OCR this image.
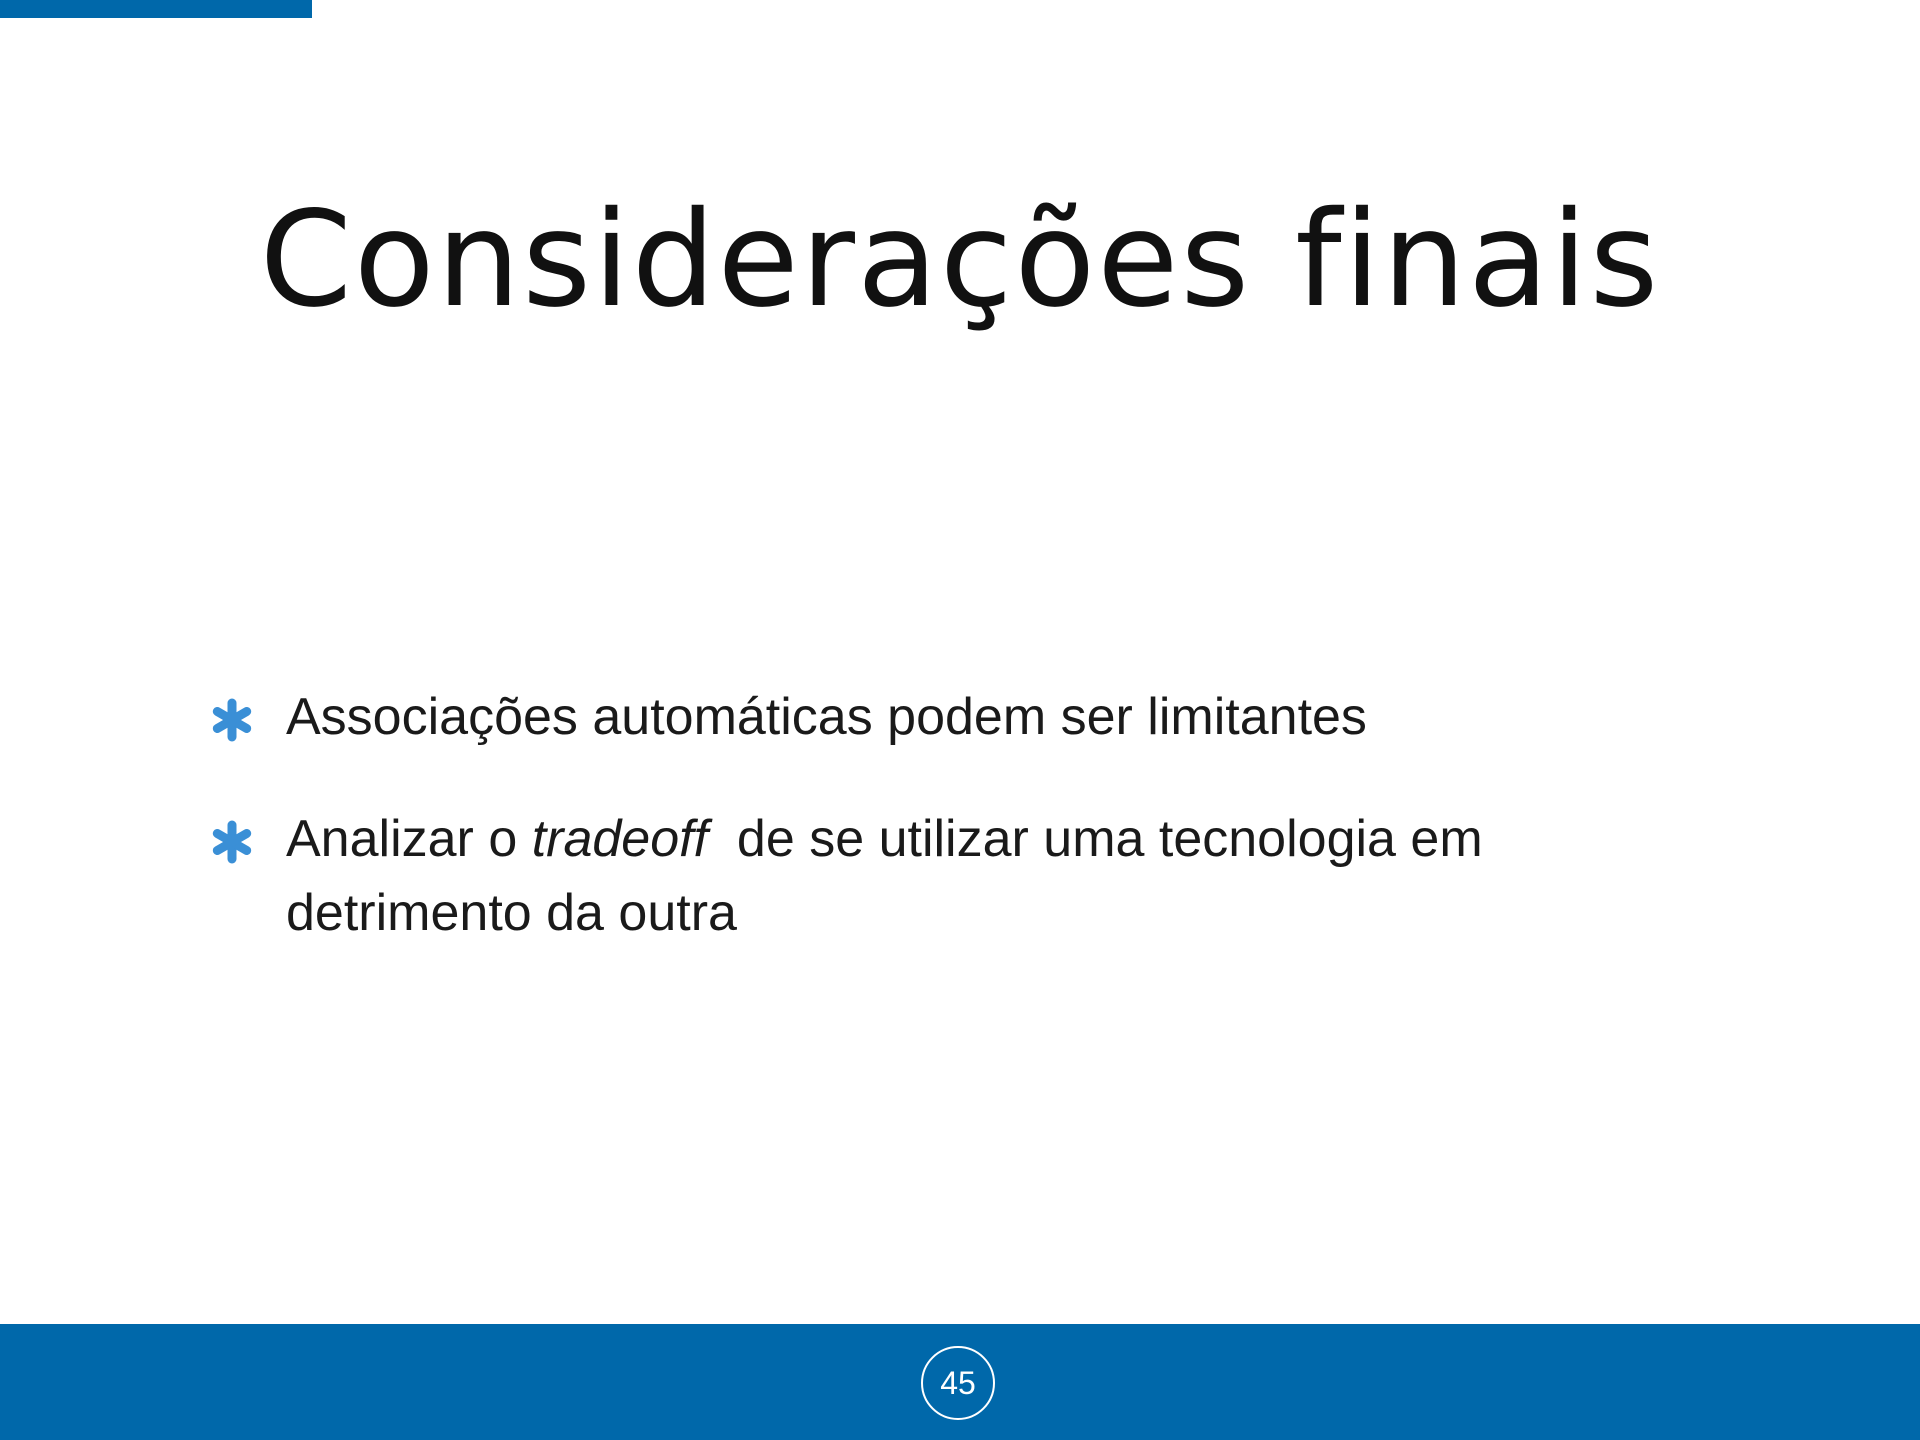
Considerações finais
Associações automáticas podem ser limitantes
Analizar o tradeoff  de se utilizar uma tecnologia em detrimento da outra
45
